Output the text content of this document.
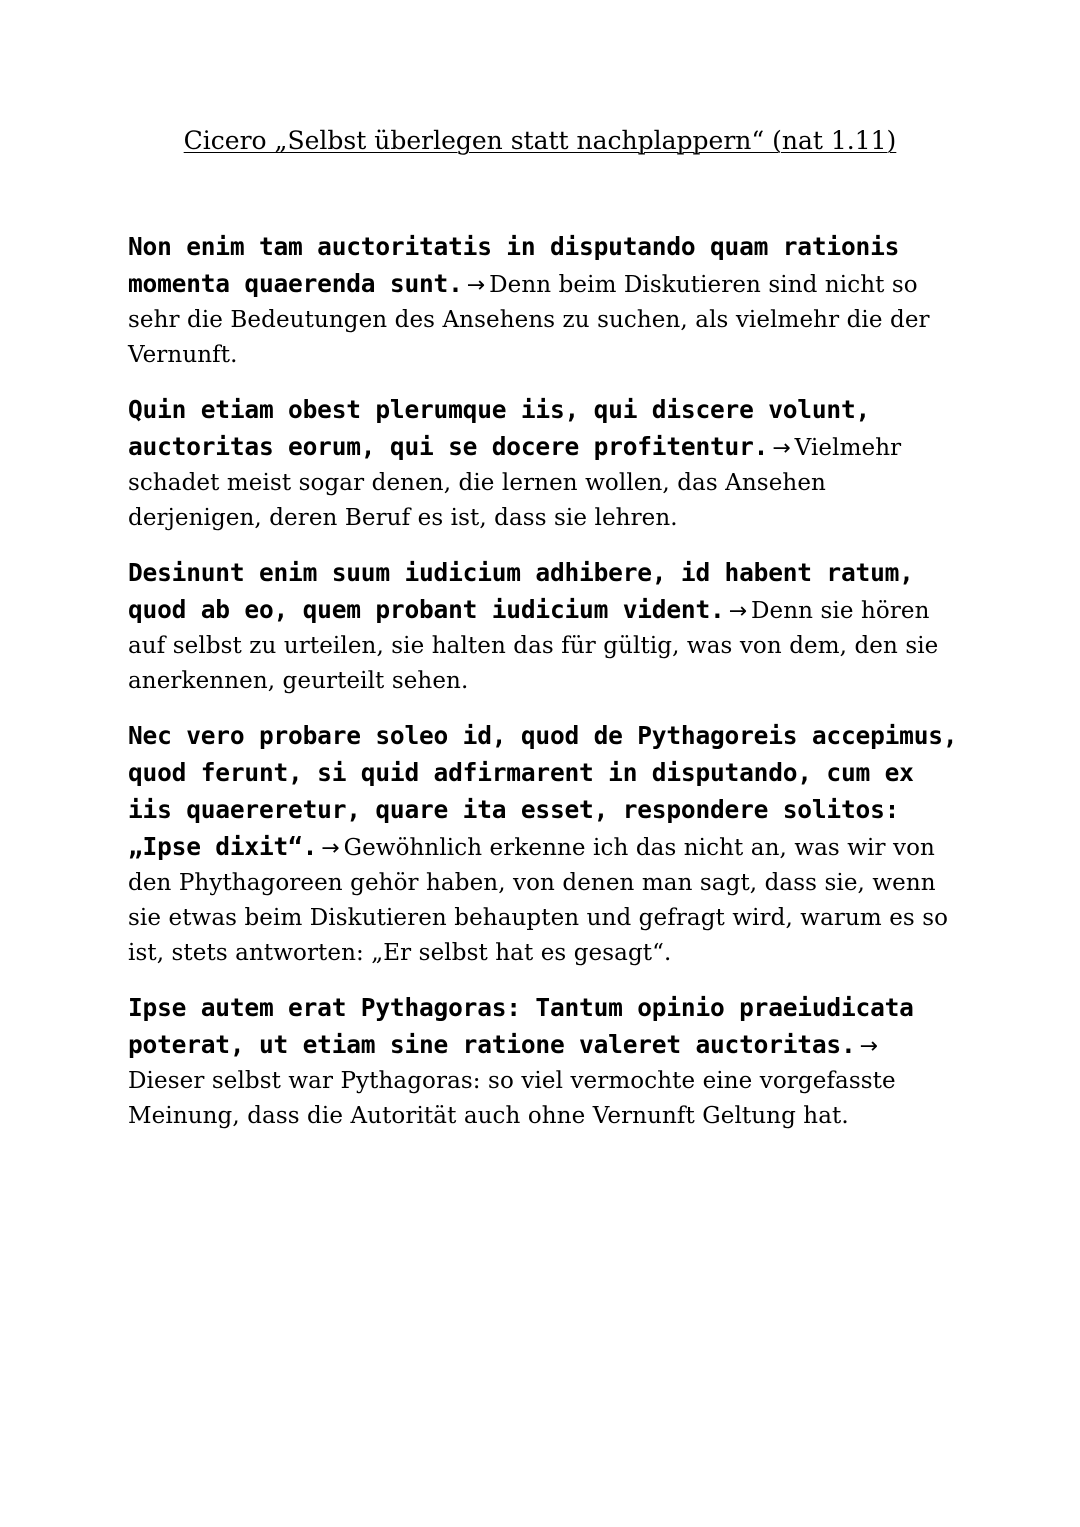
Cicero „Selbst überlegen statt nachplappern“ (nat 1.11)

Non enim tam auctoritatis in disputando quam rationis momenta quaerenda sunt. → Denn beim Diskutieren sind nicht so sehr die Bedeutungen des Ansehens zu suchen, als vielmehr die der Vernunft.

Quin etiam obest plerumque iis, qui discere volunt, auctoritas eorum, qui se docere profitentur. → Vielmehr schadet meist sogar denen, die lernen wollen, das Ansehen derjenigen, deren Beruf es ist, dass sie lehren.

Desinunt enim suum iudicium adhibere, id habent ratum, quod ab eo, quem probant iudicium vident. → Denn sie hören auf selbst zu urteilen, sie halten das für gültig, was von dem, den sie anerkennen, geurteilt sehen.

Nec vero probare soleo id, quod de Pythagoreis accepimus, quod ferunt, si quid adfirmarent in disputando, cum ex iis quaereretur, quare ita esset, respondere solitos: „Ipse dixit“. → Gewöhnlich erkenne ich das nicht an, was wir von den Phythagoreen gehör haben, von denen man sagt, dass sie, wenn sie etwas beim Diskutieren behaupten und gefragt wird, warum es so ist, stets antworten: „Er selbst hat es gesagt“.

Ipse autem erat Pythagoras: Tantum opinio praeiudicata poterat, ut etiam sine ratione valeret auctoritas. → Dieser selbst war Pythagoras: so viel vermochte eine vorgefasste Meinung, dass die Autorität auch ohne Vernunft Geltung hat.
